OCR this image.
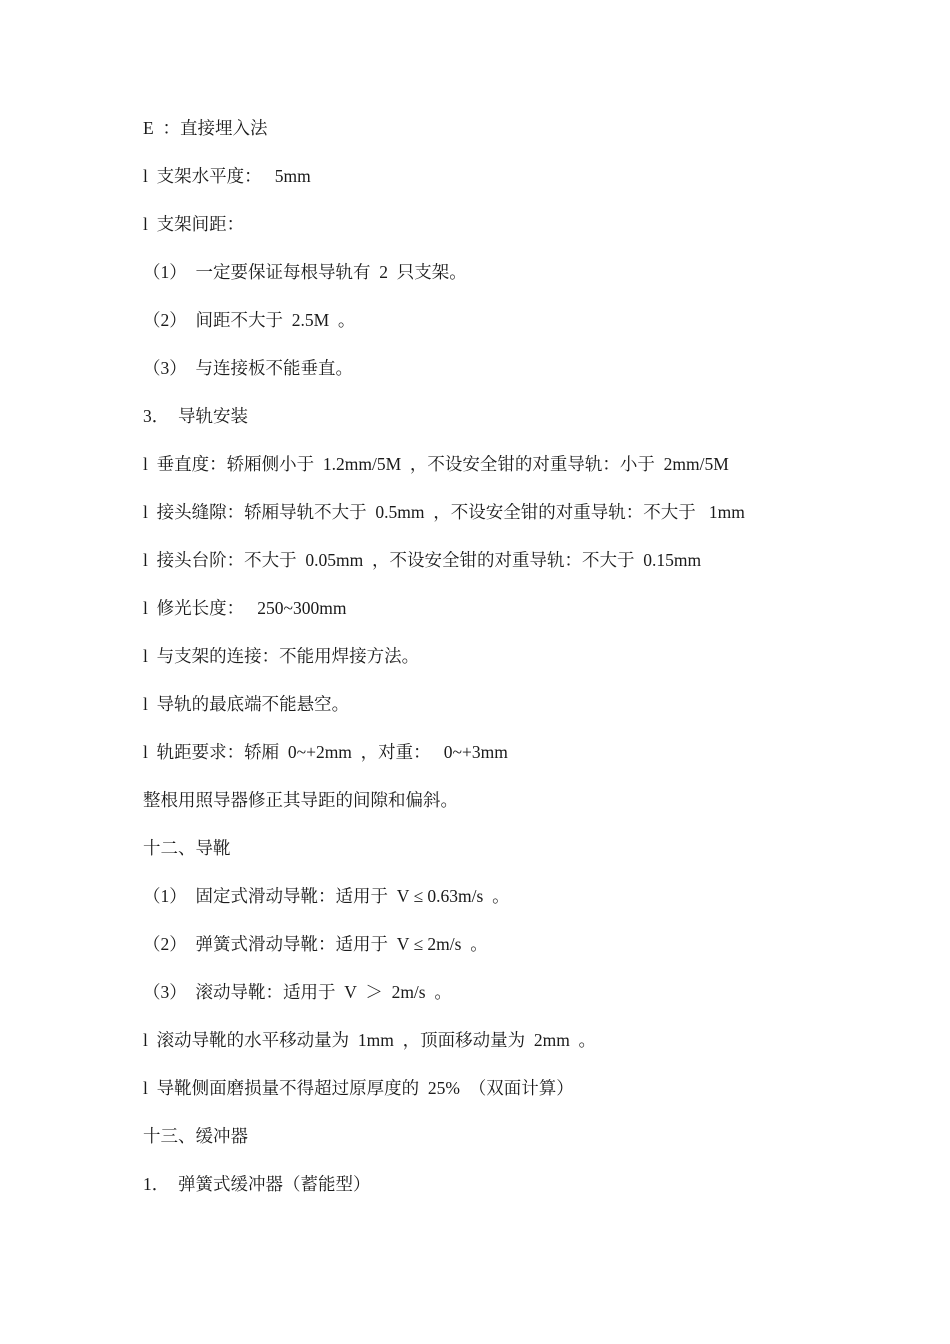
E  ：直接埋入法
l  支架水平度：   5mm
l  支架间距：
（1）  一定要保证每根导轨有  2  只支架。
（2）  间距不大于  2.5M  。
（3）  与连接板不能垂直。
3．  导轨安装
l  垂直度：轿厢侧小于  1.2mm/5M  ，不设安全钳的对重导轨：小于  2mm/5M
l  接头缝隙：轿厢导轨不大于  0.5mm  ，不设安全钳的对重导轨：不大于   1mm
l  接头台阶：不大于  0.05mm  ，不设安全钳的对重导轨：不大于  0.15mm
l  修光长度：   250~300mm
l  与支架的连接：不能用焊接方法。
l  导轨的最底端不能悬空。
l  轨距要求：轿厢  0~+2mm  ，对重：   0~+3mm
整根用照导器修正其导距的间隙和偏斜。
十二、导靴
（1）  固定式滑动导靴：适用于  V ≤ 0.63m/s  。
（2）  弹簧式滑动导靴：适用于  V ≤ 2m/s  。
（3）  滚动导靴：适用于  V  ＞  2m/s  。
l  滚动导靴的水平移动量为  1mm  ，顶面移动量为  2mm  。
l  导靴侧面磨损量不得超过原厚度的  25%  （双面计算）
十三、缓冲器
1．  弹簧式缓冲器（蓄能型）
